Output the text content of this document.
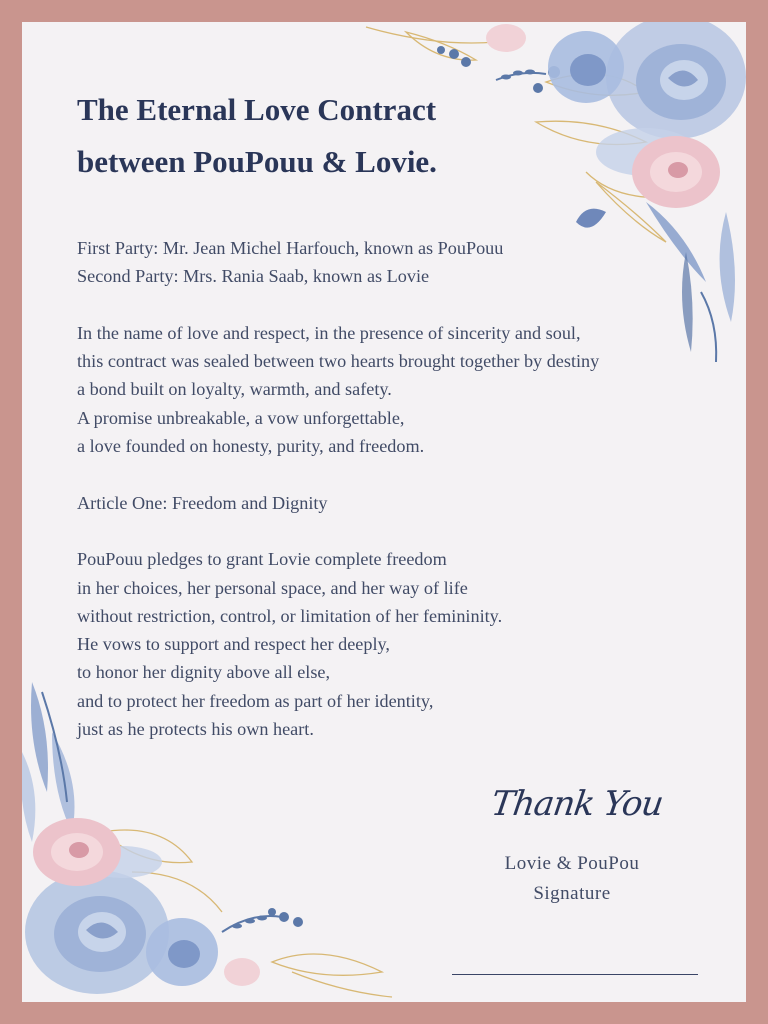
The Eternal Love Contract
between PouPouu & Lovie.

First Party: Mr. Jean Michel Harfouch, known as PouPouu
Second Party: Mrs. Rania Saab, known as Lovie

In the name of love and respect, in the presence of sincerity and soul,
this contract was sealed between two hearts brought together by destiny
a bond built on loyalty, warmth, and safety.
A promise unbreakable, a vow unforgettable,
a love founded on honesty, purity, and freedom.

Article One: Freedom and Dignity

PouPouu pledges to grant Lovie complete freedom
in her choices, her personal space, and her way of life
without restriction, control, or limitation of her femininity.
He vows to support and respect her deeply,
to honor her dignity above all else,
and to protect her freedom as part of her identity,
just as he protects his own heart.

Thank You
Lovie & PouPou
Signature
